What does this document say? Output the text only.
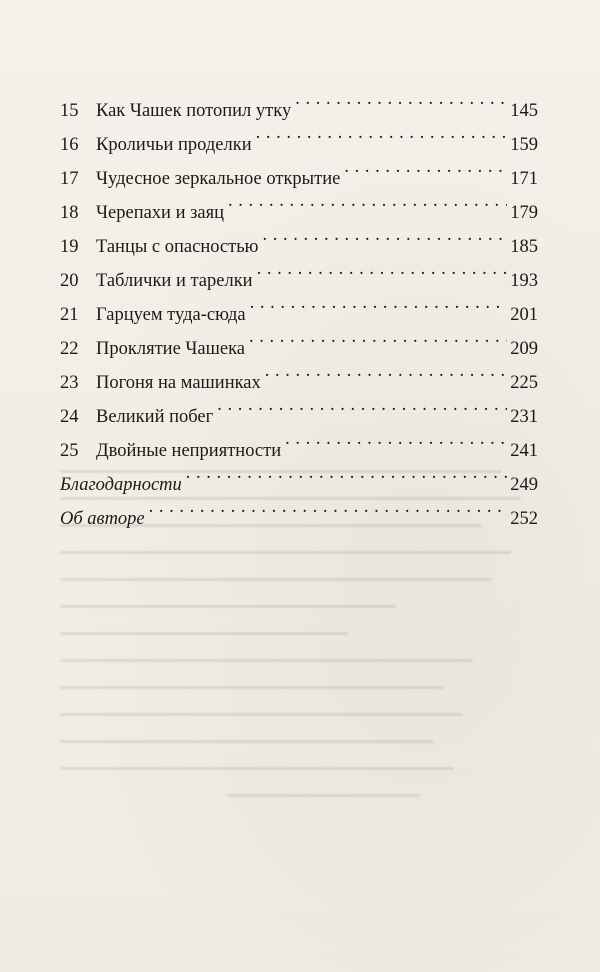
15 Как Чашек потопил утку . . .	145
16 Кроличьи проделки . . .	159
17 Чудесное зеркальное открытие . . .	171
18 Черепахи и заяц . . .	179
19 Танцы с опасностью . . .	185
20 Таблички и тарелки . . .	193
21 Гарцуем туда-сюда . . .	201
22 Проклятие Чашека . . .	209
23 Погоня на машинках . . .	225
24 Великий побег . . .	231
25 Двойные неприятности . . .	241
Благодарности . . .	249
Об авторе . . .	252
